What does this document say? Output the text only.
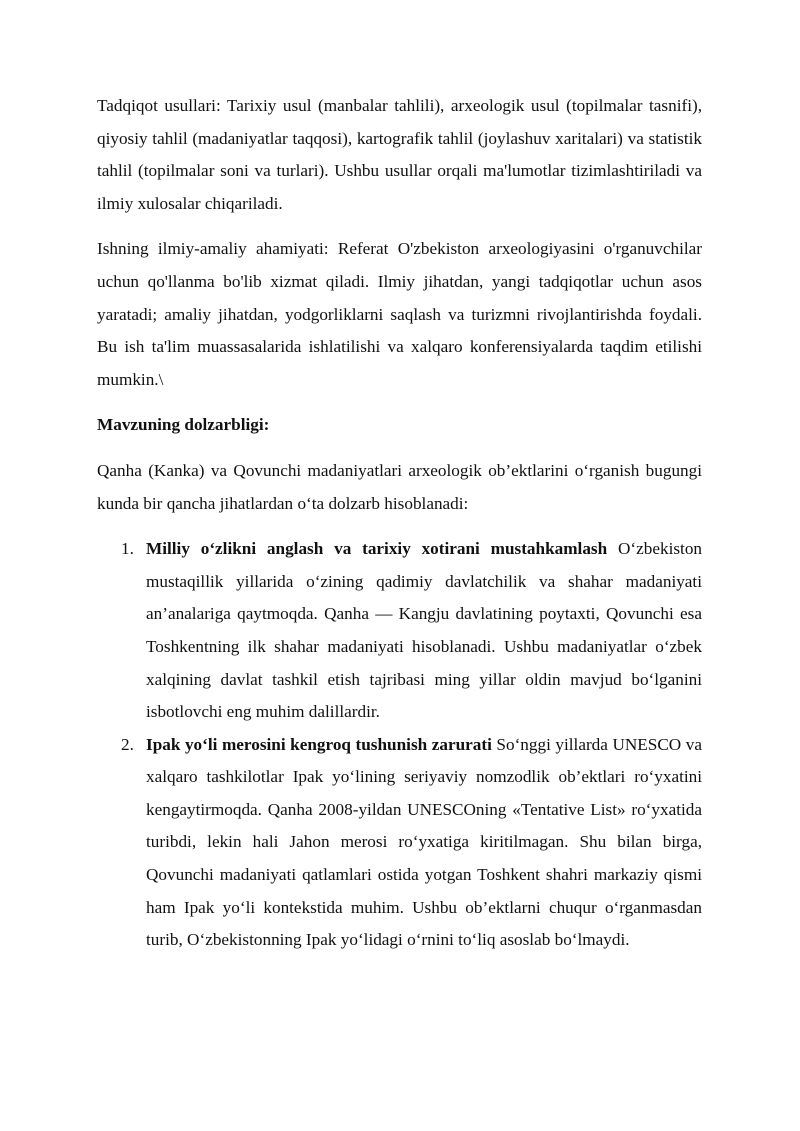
Tadqiqot usullari: Tarixiy usul (manbalar tahlili), arxeologik usul (topilmalar tasnifi), qiyosiy tahlil (madaniyatlar taqqosi), kartografik tahlil (joylashuv xaritalari) va statistik tahlil (topilmalar soni va turlari). Ushbu usullar orqali ma'lumotlar tizimlashtiriladi va ilmiy xulosalar chiqariladi.

Ishning ilmiy-amaliy ahamiyati: Referat O'zbekiston arxeologiyasini o'rganuvchilar uchun qo'llanma bo'lib xizmat qiladi. Ilmiy jihatdan, yangi tadqiqotlar uchun asos yaratadi; amaliy jihatdan, yodgorliklarni saqlash va turizmni rivojlantirishda foydali. Bu ish ta'lim muassasalarida ishlatilishi va xalqaro konferensiyalarda taqdim etilishi mumkin.\

Mavzuning dolzarbligi:

Qanha (Kanka) va Qovunchi madaniyatlari arxeologik ob’ektlarini o‘rganish bugungi kunda bir qancha jihatlardan o‘ta dolzarb hisoblanadi:

1. Milliy o‘zlikni anglash va tarixiy xotirani mustahkamlash O‘zbekiston mustaqillik yillarida o‘zining qadimiy davlatchilik va shahar madaniyati an’analariga qaytmoqda. Qanha — Kangju davlatining poytaxti, Qovunchi esa Toshkentning ilk shahar madaniyati hisoblanadi. Ushbu madaniyatlar o‘zbek xalqining davlat tashkil etish tajribasi ming yillar oldin mavjud bo‘lganini isbotlovchi eng muhim dalillardir.
2. Ipak yo‘li merosini kengroq tushunish zarurati So‘nggi yillarda UNESCO va xalqaro tashkilotlar Ipak yo‘lining seriyaviy nomzodlik ob’ektlari ro‘yxatini kengaytirmoqda. Qanha 2008-yildan UNESCOning «Tentative List» ro‘yxatida turibdi, lekin hali Jahon merosi ro‘yxatiga kiritilmagan. Shu bilan birga, Qovunchi madaniyati qatlamlari ostida yotgan Toshkent shahri markaziy qismi ham Ipak yo‘li kontekstida muhim. Ushbu ob’ektlarni chuqur o‘rganmasdan turib, O‘zbekistonning Ipak yo‘lidagi o‘rnini to‘liq asoslab bo‘lmaydi.
